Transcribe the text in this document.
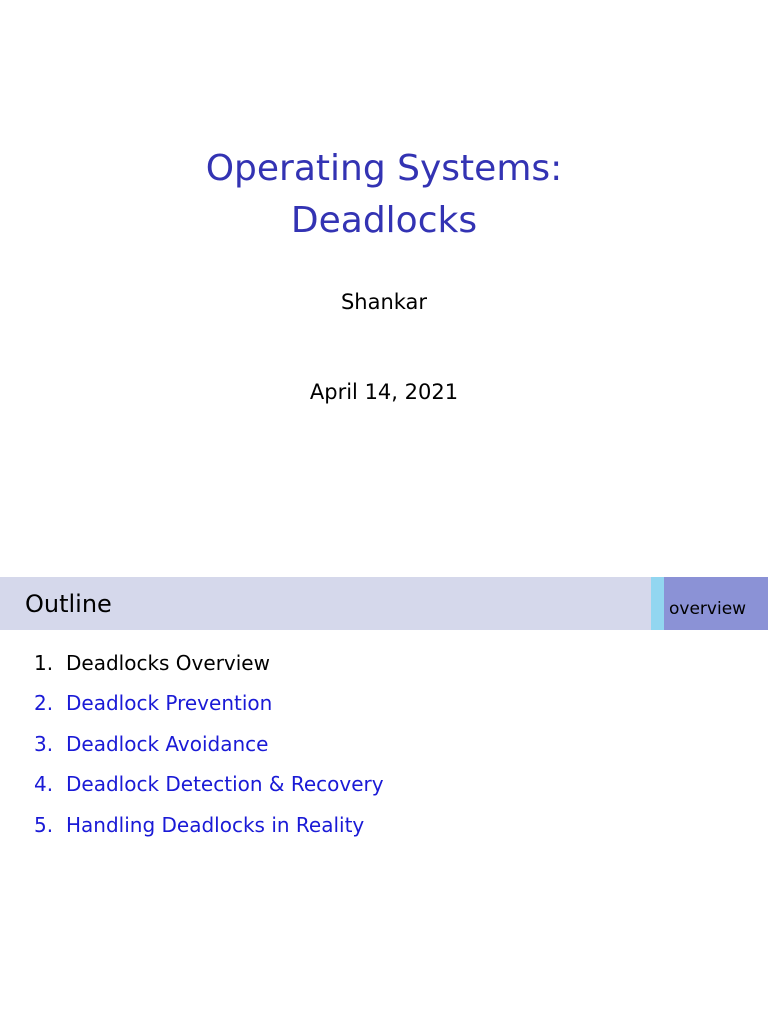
Operating Systems:
Deadlocks
Shankar
April 14, 2021
Outline	overview
1. Deadlocks Overview
2. Deadlock Prevention
3. Deadlock Avoidance
4. Deadlock Detection & Recovery
5. Handling Deadlocks in Reality
